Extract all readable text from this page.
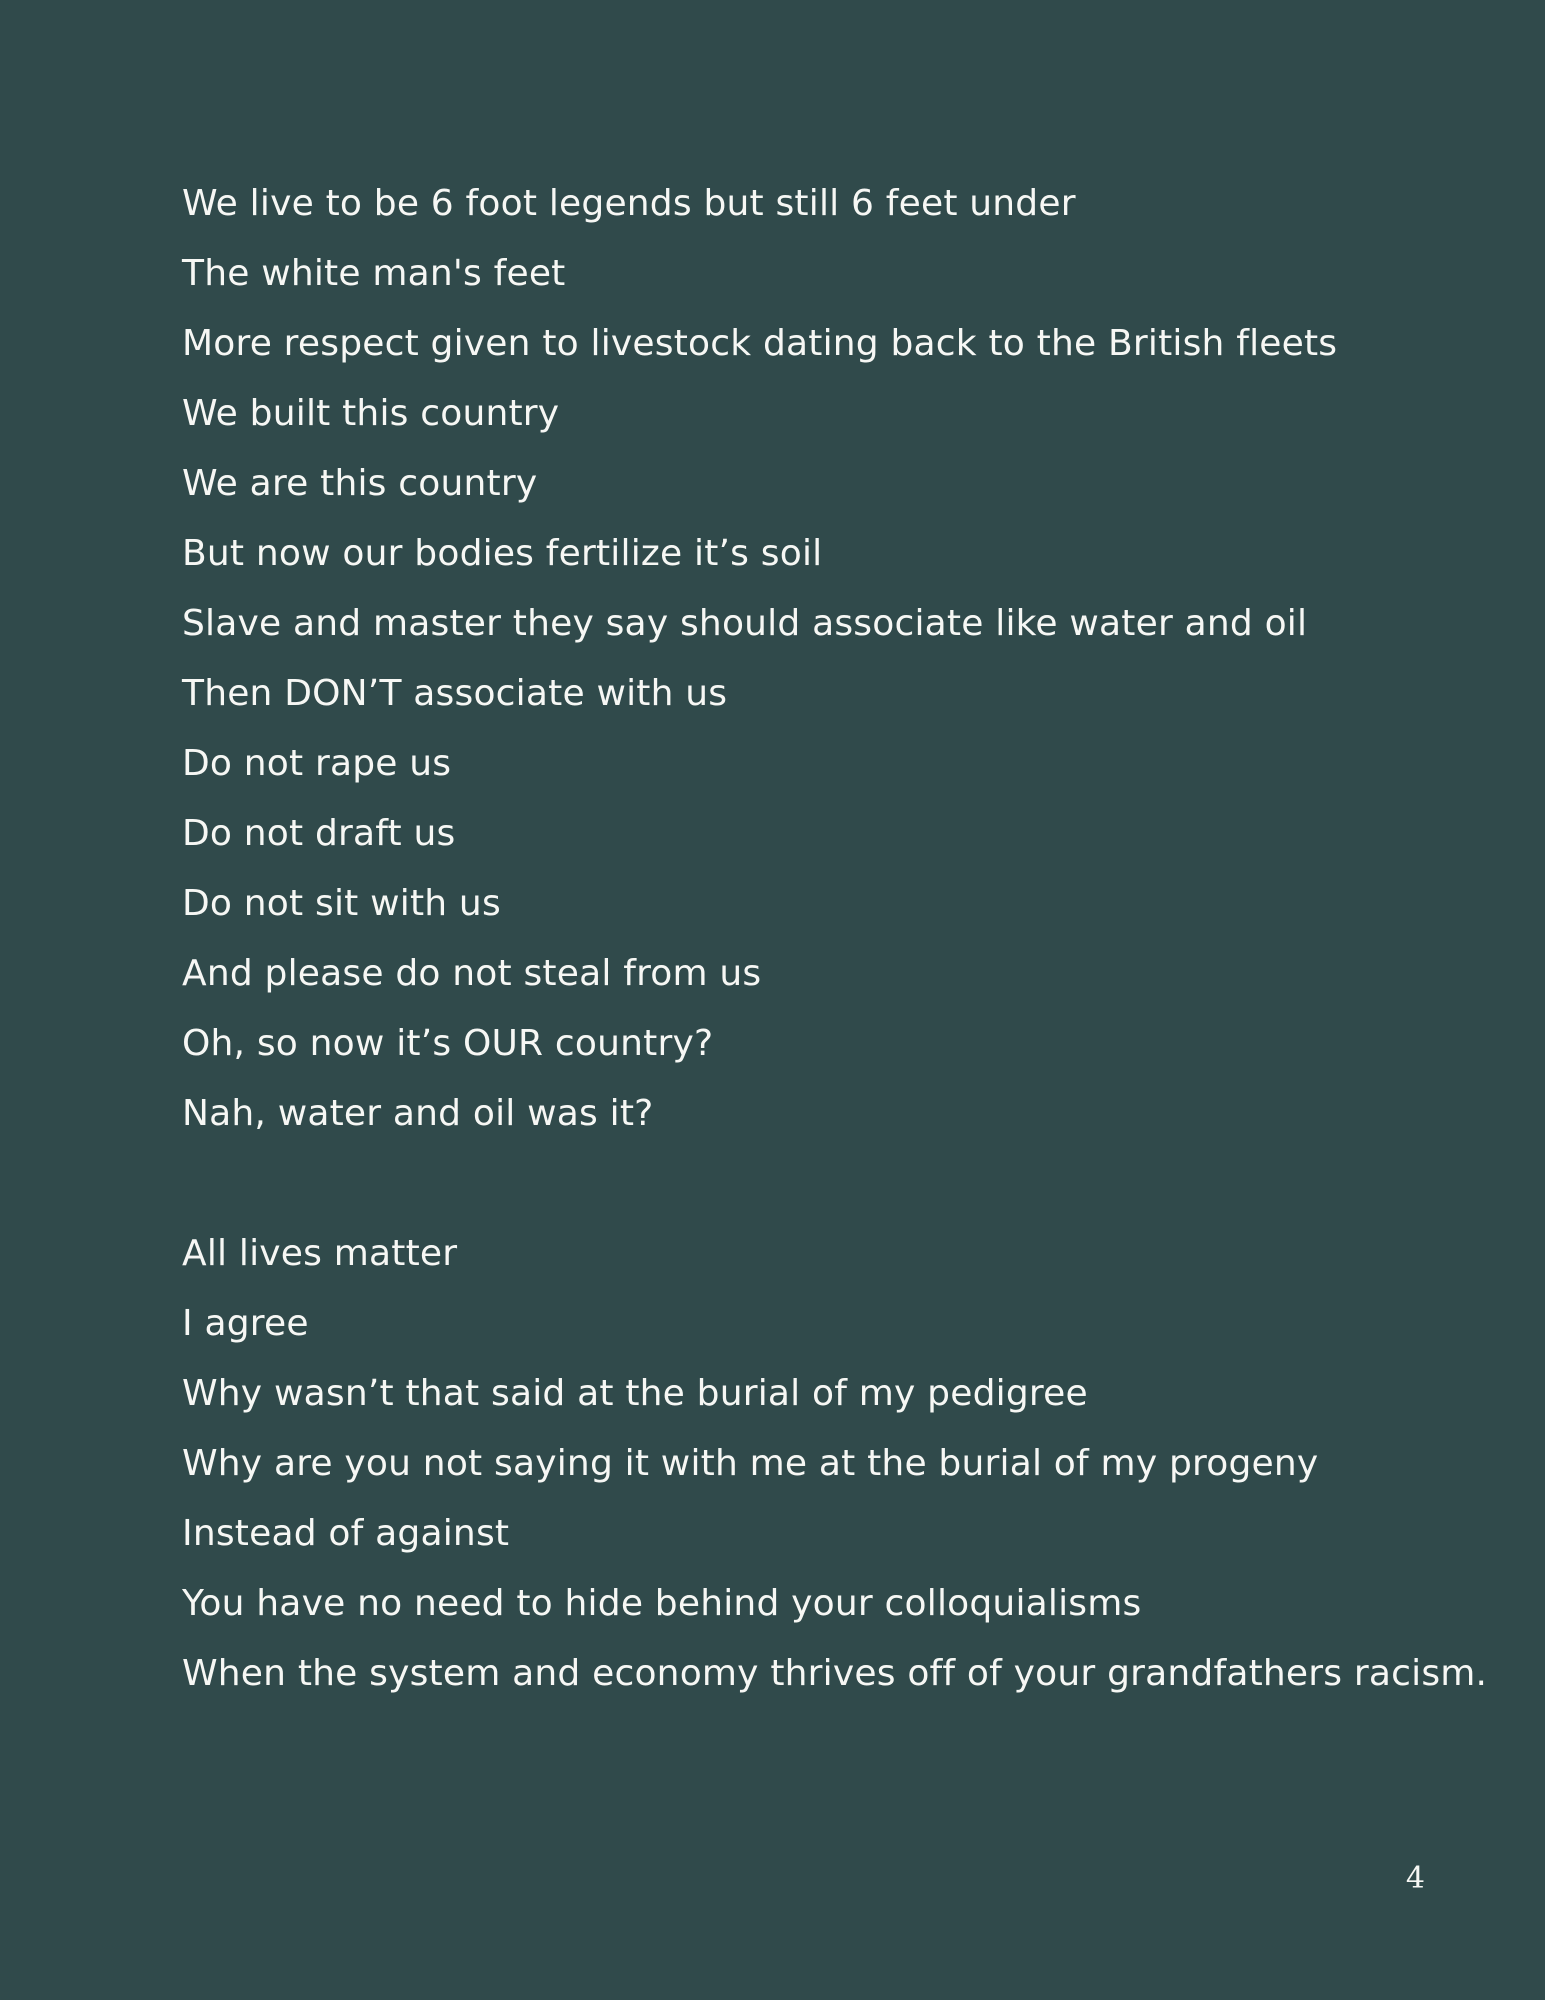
We live to be 6 foot legends but still 6 feet under
The white man's feet
More respect given to livestock dating back to the British fleets
We built this country
We are this country
But now our bodies fertilize it’s soil
Slave and master they say should associate like water and oil
Then DON’T associate with us
Do not rape us
Do not draft us
Do not sit with us
And please do not steal from us
Oh, so now it’s OUR country?
Nah, water and oil was it?
All lives matter
I agree
Why wasn’t that said at the burial of my pedigree
Why are you not saying it with me at the burial of my progeny
Instead of against
You have no need to hide behind your colloquialisms
When the system and economy thrives off of your grandfathers racism.
4
